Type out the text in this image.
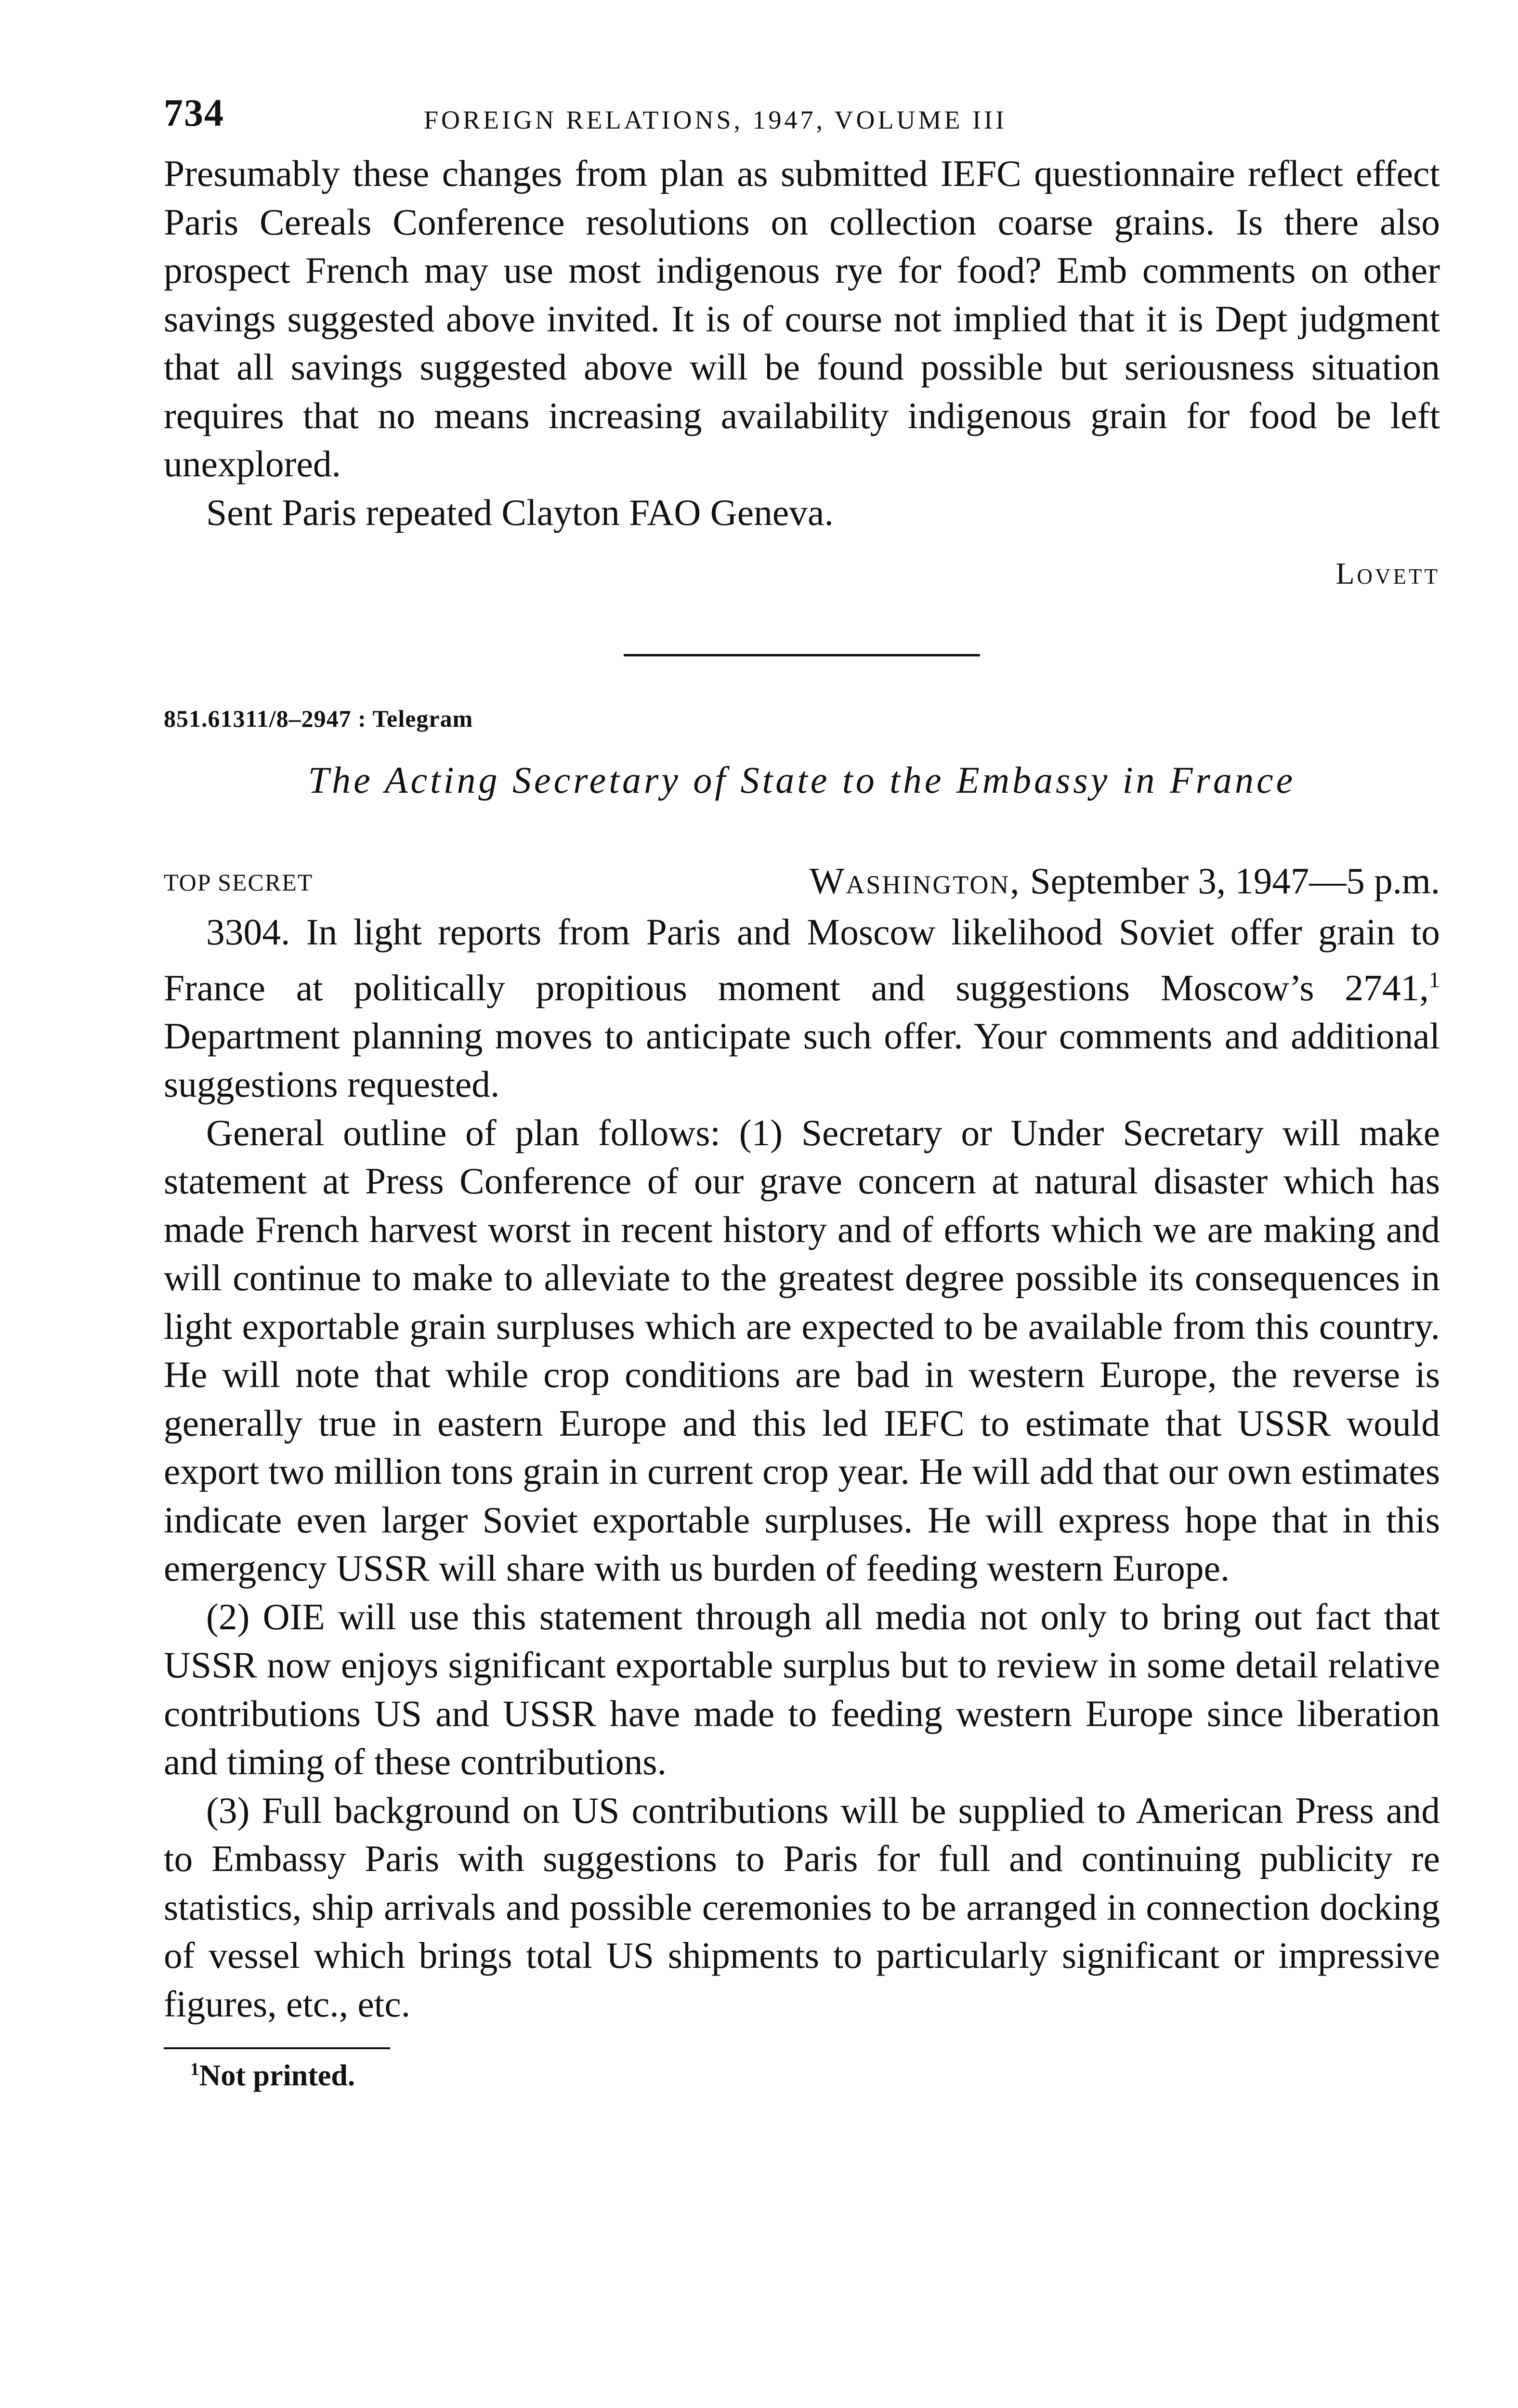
734	FOREIGN RELATIONS, 1947, VOLUME III

Presumably these changes from plan as submitted IEFC questionnaire reflect effect Paris Cereals Conference resolutions on collection coarse grains. Is there also prospect French may use most indigenous rye for food? Emb comments on other savings suggested above invited. It is of course not implied that it is Dept judgment that all savings suggested above will be found possible but seriousness situation requires that no means increasing availability indigenous grain for food be left unexplored.

Sent Paris repeated Clayton FAO Geneva.

Lovett
851.61311/8–2947 : Telegram
The Acting Secretary of State to the Embassy in France
TOP SECRET	Washington, September 3, 1947—5 p.m.

3304. In light reports from Paris and Moscow likelihood Soviet offer grain to France at politically propitious moment and suggestions Moscow’s 2741,$^1$ Department planning moves to anticipate such offer. Your comments and additional suggestions requested.

General outline of plan follows: (1) Secretary or Under Secretary will make statement at Press Conference of our grave concern at natural disaster which has made French harvest worst in recent history and of efforts which we are making and will continue to make to alleviate to the greatest degree possible its consequences in light exportable grain surpluses which are expected to be available from this country. He will note that while crop conditions are bad in western Europe, the reverse is generally true in eastern Europe and this led IEFC to estimate that USSR would export two million tons grain in current crop year. He will add that our own estimates indicate even larger Soviet exportable surpluses. He will express hope that in this emergency USSR will share with us burden of feeding western Europe.

(2) OIE will use this statement through all media not only to bring out fact that USSR now enjoys significant exportable surplus but to review in some detail relative contributions US and USSR have made to feeding western Europe since liberation and timing of these contributions.

(3) Full background on US contributions will be supplied to American Press and to Embassy Paris with suggestions to Paris for full and continuing publicity re statistics, ship arrivals and possible ceremonies to be arranged in connection docking of vessel which brings total US shipments to particularly significant or impressive figures, etc., etc.

$^1$Not printed.
